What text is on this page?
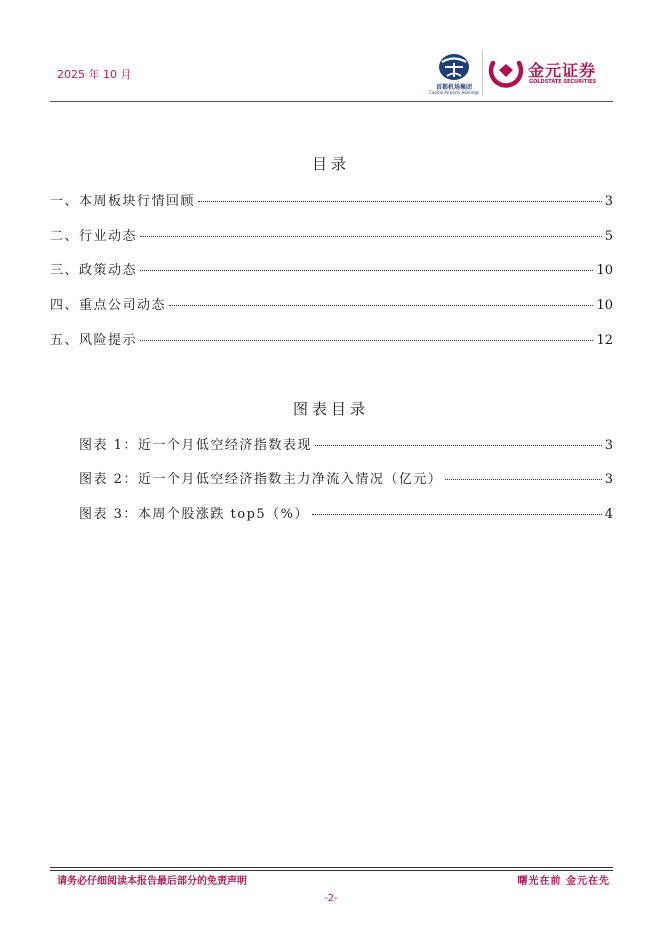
2025 年 10 月
首都机场集团
Capital Airports Holdings
金元证券
GOLDSTATE SECURITIES
目录
一、本周板块行情回顾	3
二、行业动态	5
三、政策动态	10
四、重点公司动态	10
五、风险提示	12
图表目录
图表 1：近一个月低空经济指数表现	3
图表 2：近一个月低空经济指数主力净流入情况（亿元）	3
图表 3：本周个股涨跌 top5（%）	4
请务必仔细阅读本报告最后部分的免责声明	曙光在前 金元在先
-2-
